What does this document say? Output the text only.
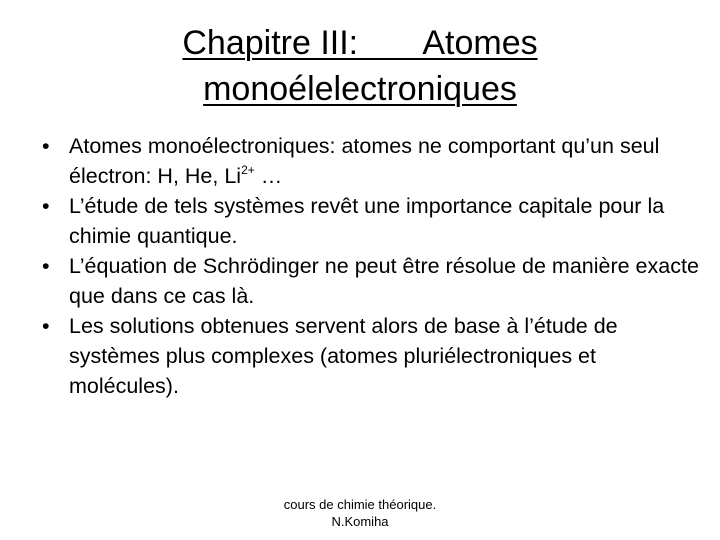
Chapitre III:       Atomes
monoélelectroniques
• Atomes monoélectroniques: atomes ne comportant qu’un seul électron: H, He, $Li^{2+}$ …
• L’étude de tels systèmes revêt une importance capitale pour la chimie quantique.
• L’équation de Schrödinger ne peut être résolue de manière exacte que dans ce cas là.
• Les solutions obtenues servent alors de base à l’étude de systèmes plus complexes (atomes pluriélectroniques et molécules).
cours de chimie théorique.
N.Komiha
